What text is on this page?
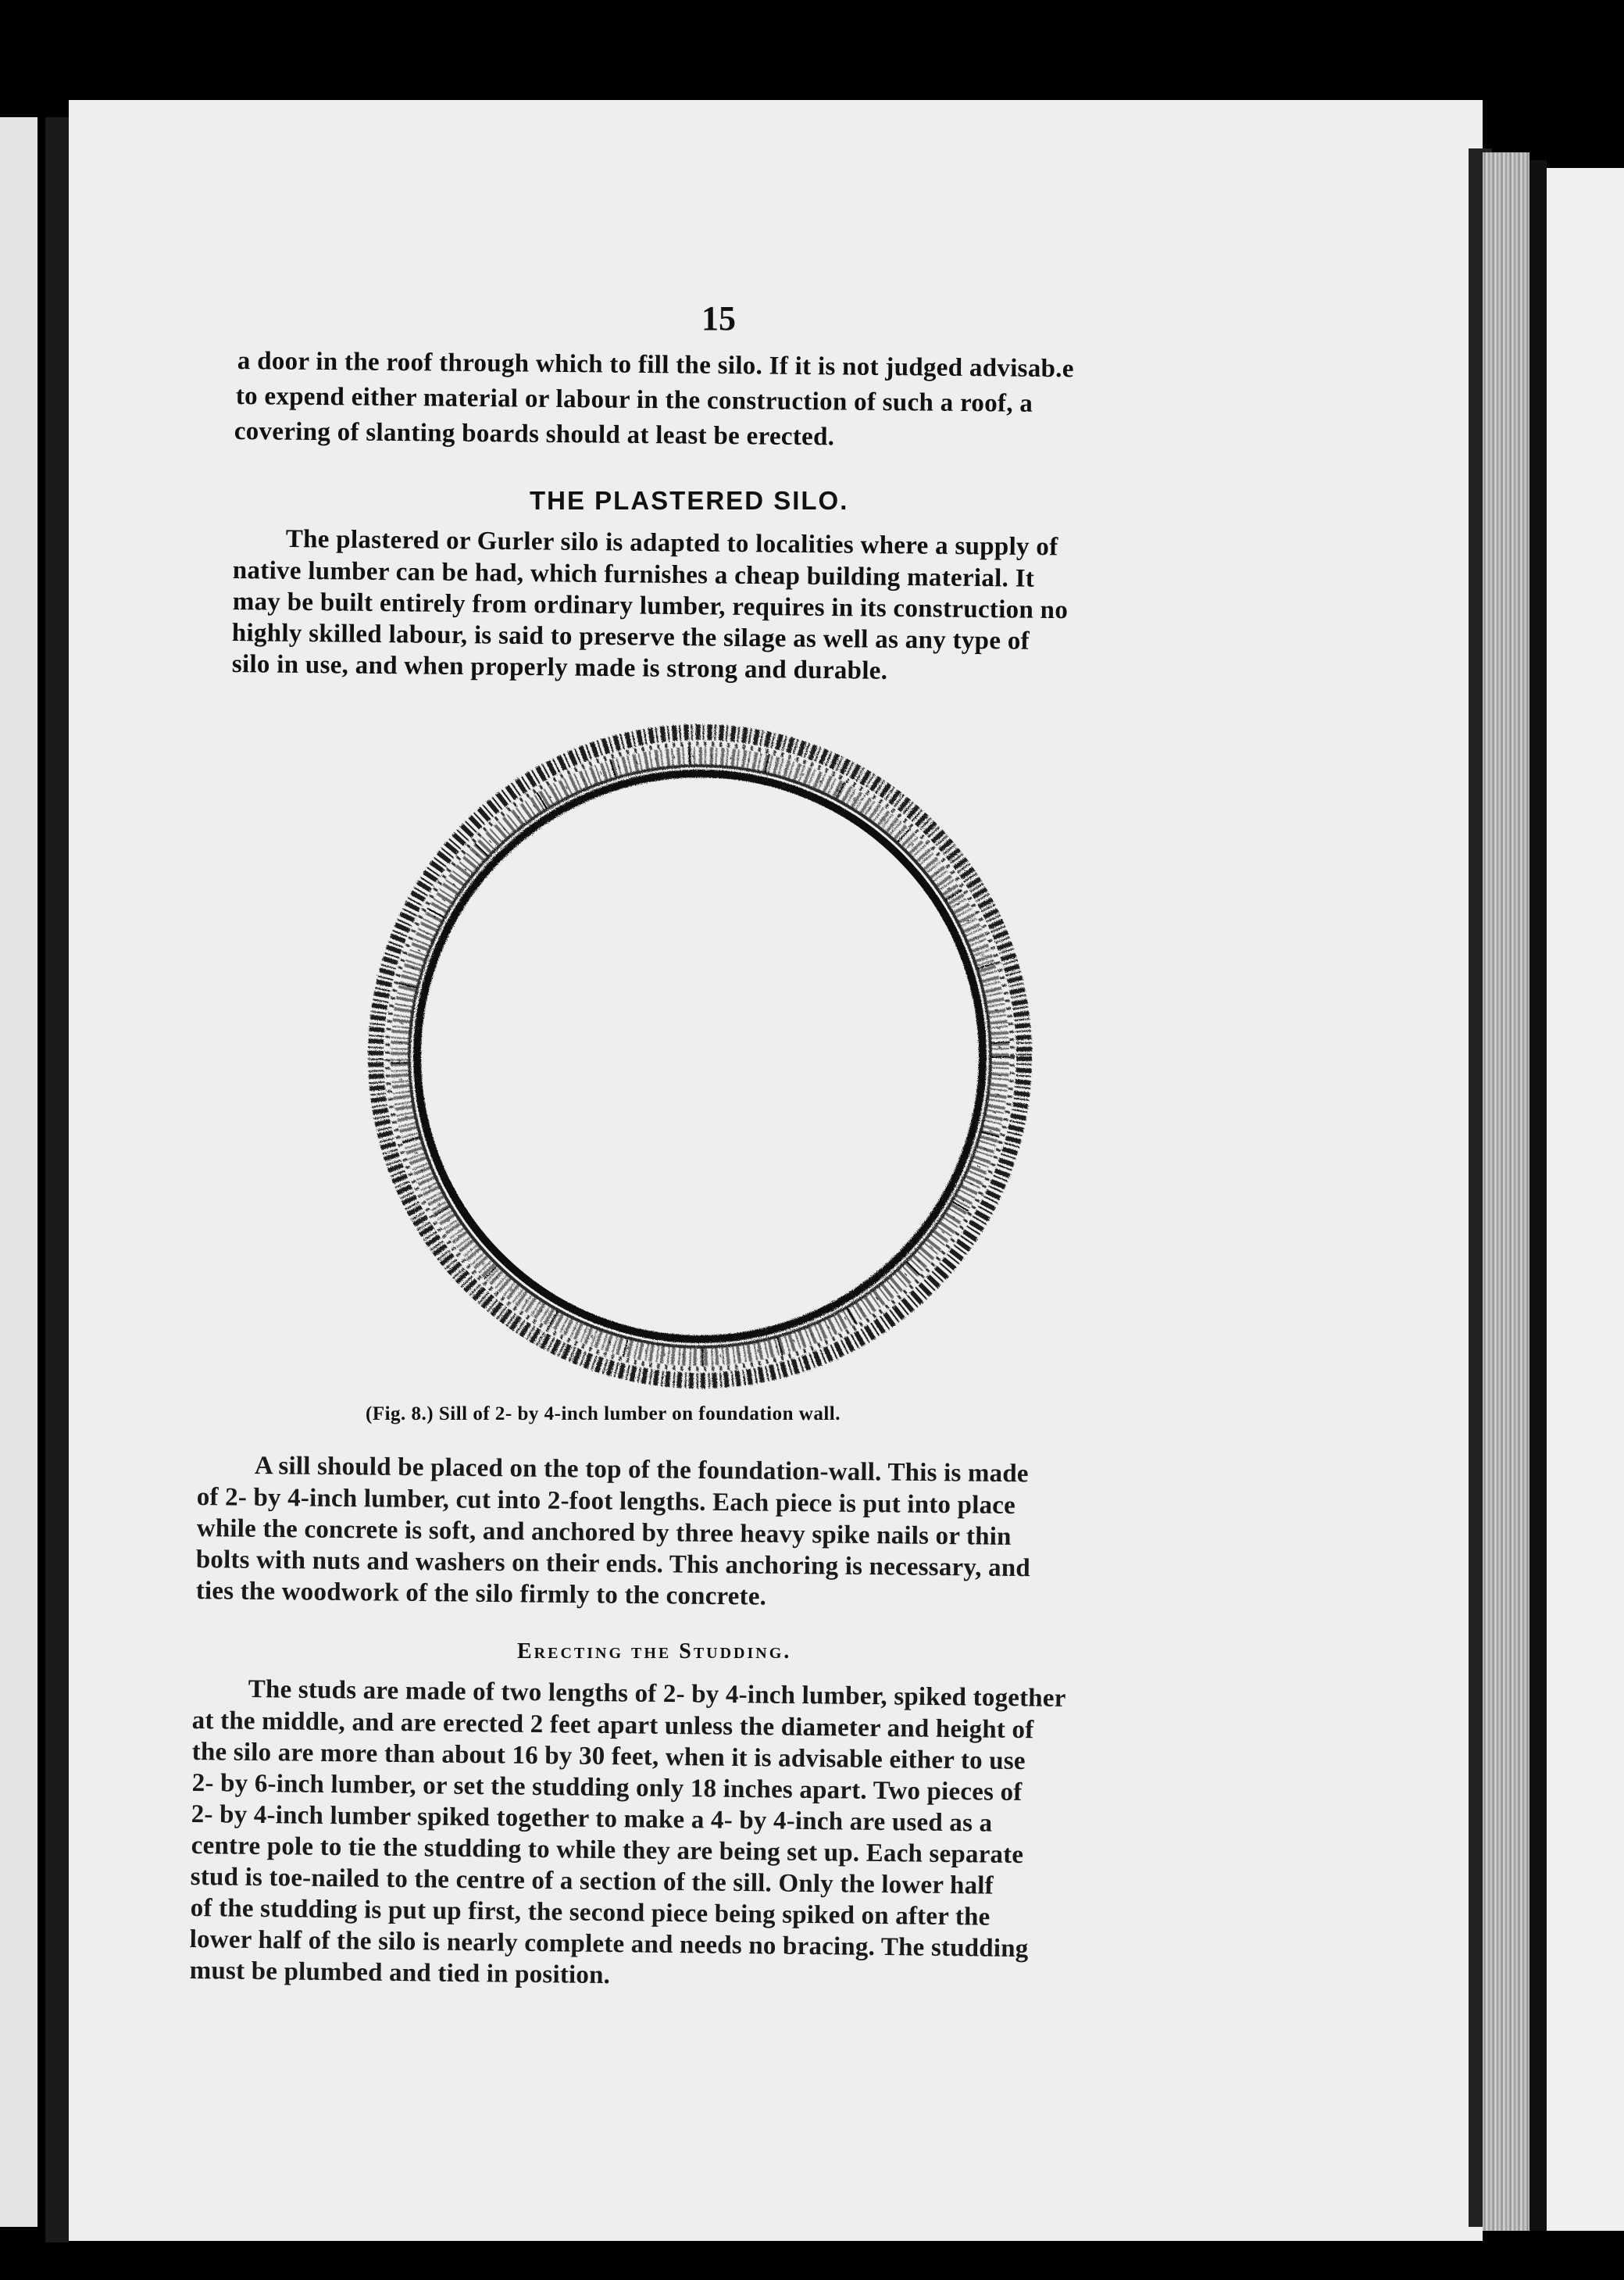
15
a door in the roof through which to fill the silo. If it is not judged advisab.e
to expend either material or labour in the construction of such a roof, a
covering of slanting boards should at least be erected.
THE PLASTERED SILO.
The plastered or Gurler silo is adapted to localities where a supply of
native lumber can be had, which furnishes a cheap building material. It
may be built entirely from ordinary lumber, requires in its construction no
highly skilled labour, is said to preserve the silage as well as any type of
silo in use, and when properly made is strong and durable.
(Fig. 8.) Sill of 2- by 4-inch lumber on foundation wall.
A sill should be placed on the top of the foundation-wall. This is made
of 2- by 4-inch lumber, cut into 2-foot lengths. Each piece is put into place
while the concrete is soft, and anchored by three heavy spike nails or thin
bolts with nuts and washers on their ends. This anchoring is necessary, and
ties the woodwork of the silo firmly to the concrete.
Erecting the Studding.
The studs are made of two lengths of 2- by 4-inch lumber, spiked together
at the middle, and are erected 2 feet apart unless the diameter and height of
the silo are more than about 16 by 30 feet, when it is advisable either to use
2- by 6-inch lumber, or set the studding only 18 inches apart. Two pieces of
2- by 4-inch lumber spiked together to make a 4- by 4-inch are used as a
centre pole to tie the studding to while they are being set up. Each separate
stud is toe-nailed to the centre of a section of the sill. Only the lower half
of the studding is put up first, the second piece being spiked on after the
lower half of the silo is nearly complete and needs no bracing. The studding
must be plumbed and tied in position.
